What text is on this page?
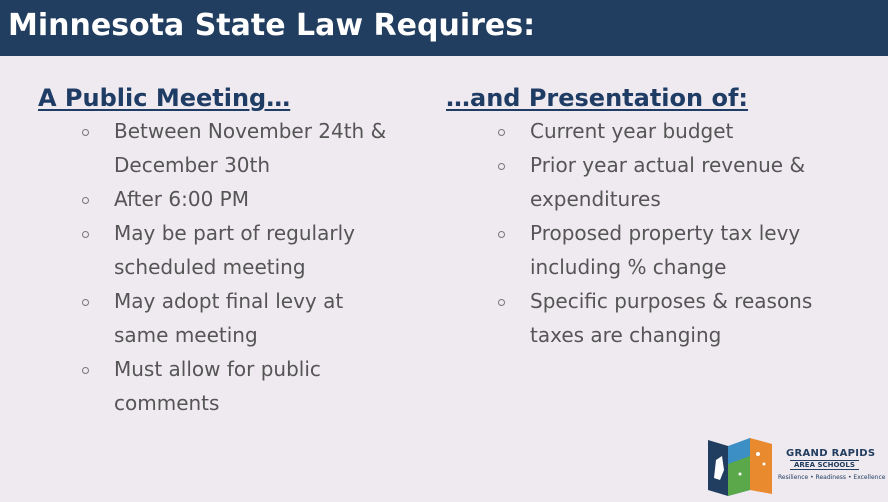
Minnesota State Law Requires:
A Public Meeting…
Between November 24th & December 30th
After 6:00 PM
May be part of regularly scheduled meeting
May adopt final levy at same meeting
Must allow for public comments
…and Presentation of:
Current year budget
Prior year actual revenue & expenditures
Proposed property tax levy including % change
Specific purposes & reasons taxes are changing
GRAND RAPIDS
AREA SCHOOLS
Resilience • Readiness • Excellence
